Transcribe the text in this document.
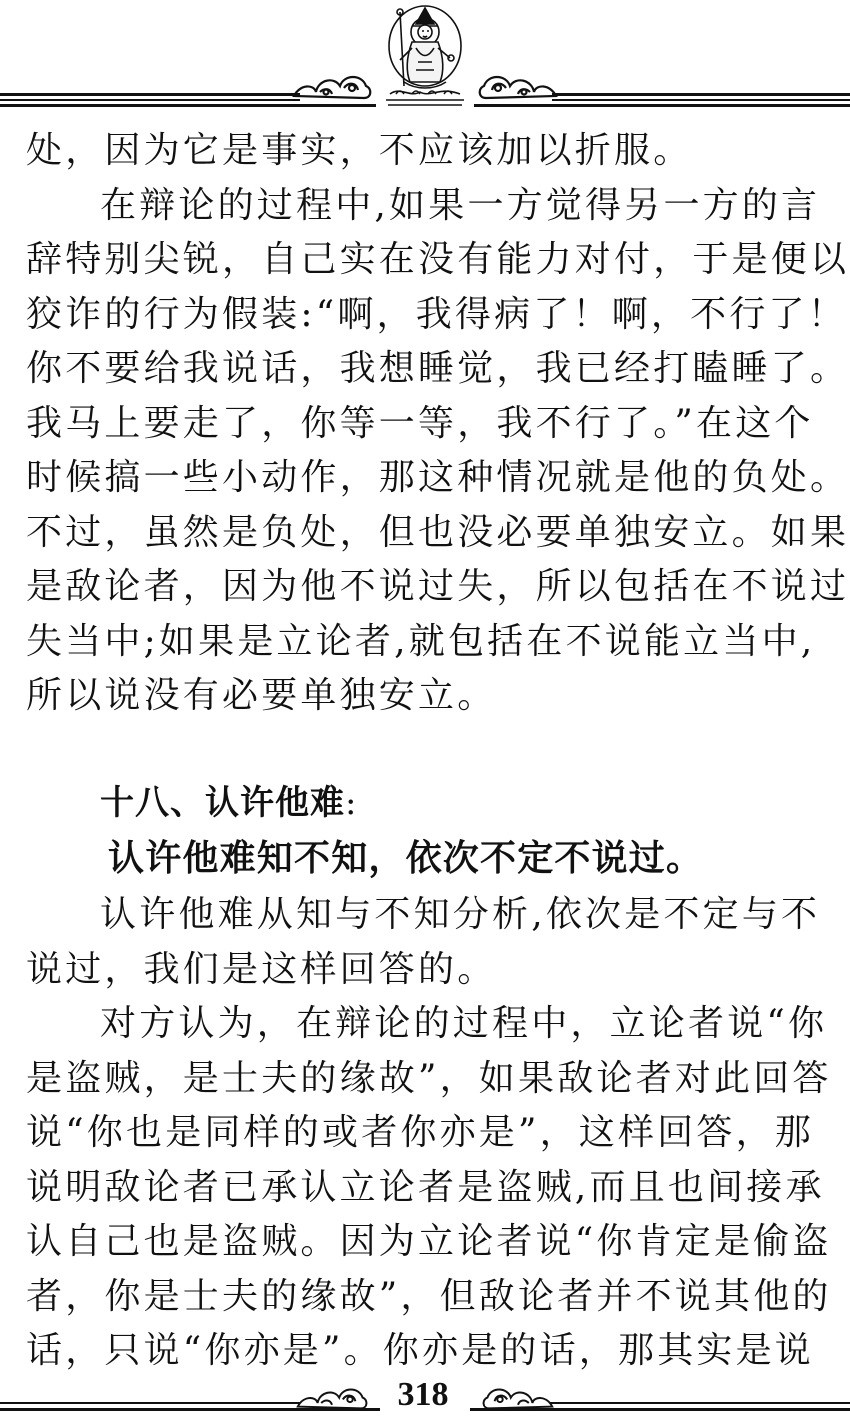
处，因为它是事实，不应该加以折服。
在辩论的过程中,如果一方觉得另一方的言
辞特别尖锐，自己实在没有能力对付，于是便以
狡诈的行为假装:“啊，我得病了！啊，不行了！
你不要给我说话，我想睡觉，我已经打瞌睡了。
我马上要走了，你等一等，我不行了。”在这个
时候搞一些小动作，那这种情况就是他的负处。
不过，虽然是负处，但也没必要单独安立。如果
是敌论者，因为他不说过失，所以包括在不说过
失当中;如果是立论者,就包括在不说能立当中,
所以说没有必要单独安立。
十八、认许他难:
认许他难知不知，依次不定不说过。
认许他难从知与不知分析,依次是不定与不
说过，我们是这样回答的。
对方认为，在辩论的过程中，立论者说“你
是盗贼，是士夫的缘故”，如果敌论者对此回答
说“你也是同样的或者你亦是”，这样回答，那
说明敌论者已承认立论者是盗贼,而且也间接承
认自己也是盗贼。因为立论者说“你肯定是偷盗
者，你是士夫的缘故”，但敌论者并不说其他的
话，只说“你亦是”。你亦是的话，那其实是说
318
